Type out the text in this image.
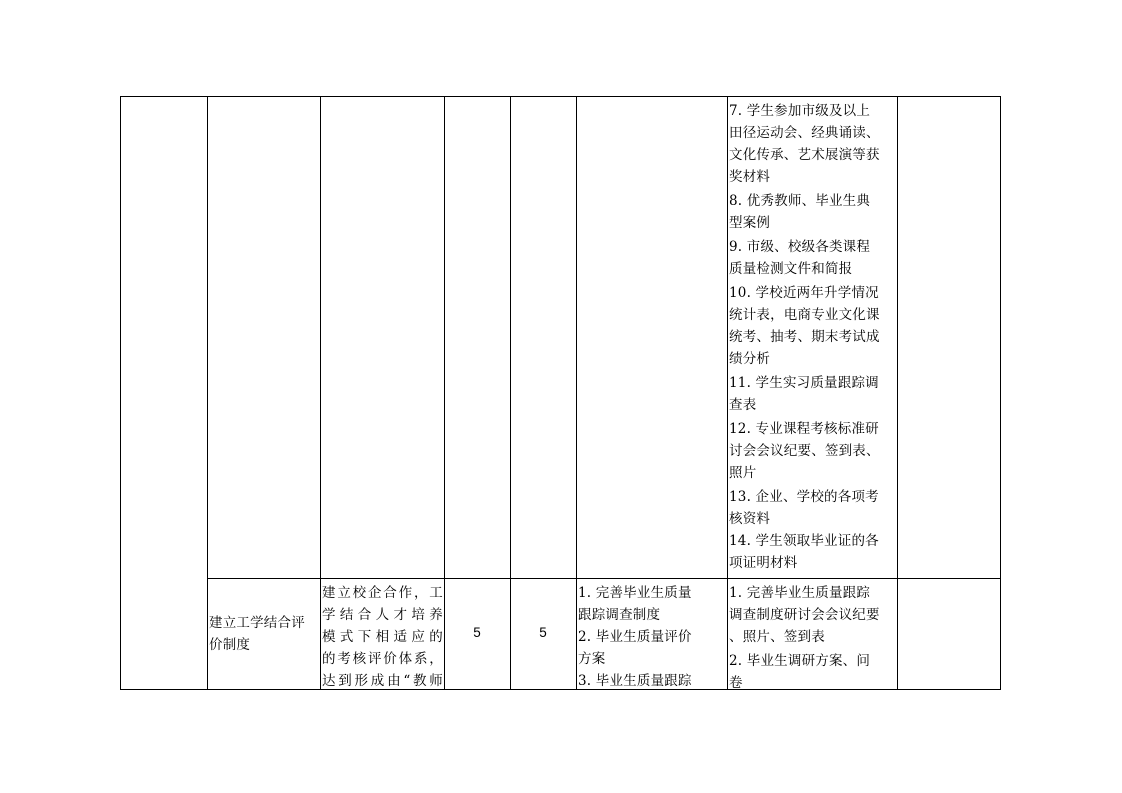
7. 学生参加市级及以上
田径运动会、经典诵读、
文化传承、艺术展演等获
奖材料
8. 优秀教师、毕业生典
型案例
9. 市级、校级各类课程
质量检测文件和简报
10. 学校近两年升学情况
统计表，电商专业文化课
统考、抽考、期末考试成
绩分析
11. 学生实习质量跟踪调
查表
12. 专业课程考核标准研
讨会会议纪要、签到表、
照片
13. 企业、学校的各项考
核资料
14. 学生领取毕业证的各
项证明材料
建立工学结合评
价制度
建立校企合作，工
学结合人才培养
模式下相适应的
的考核评价体系，
达到形成由“教师
5	5
1. 完善毕业生质量
跟踪调查制度
2. 毕业生质量评价
方案
3. 毕业生质量跟踪
1. 完善毕业生质量跟踪
调查制度研讨会会议纪要
、照片、签到表
2. 毕业生调研方案、问
卷
